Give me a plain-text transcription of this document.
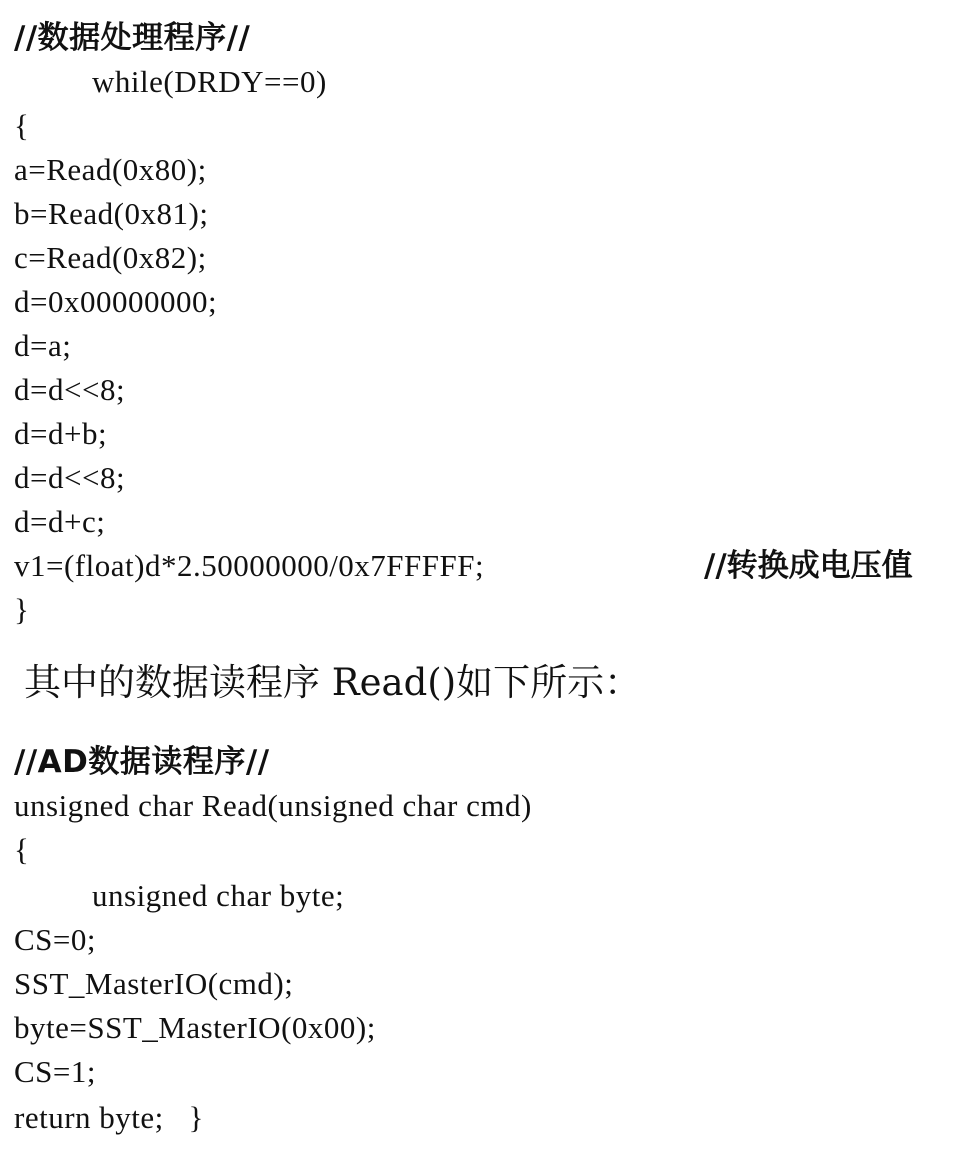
//数据处理程序//
while(DRDY==0)
{
a=Read(0x80);
b=Read(0x81);
c=Read(0x82);
d=0x00000000;
d=a;
d=d<<8;
d=d+b;
d=d<<8;
d=d+c;
v1=(float)d*2.50000000/0x7FFFFF;	//转换成电压值
}
其中的数据读程序 Read()如下所示：
//AD数据读程序//
unsigned char Read(unsigned char cmd)
{
unsigned char byte;
CS=0;
SST_MasterIO(cmd);
byte=SST_MasterIO(0x00);
CS=1;
return byte;   }
